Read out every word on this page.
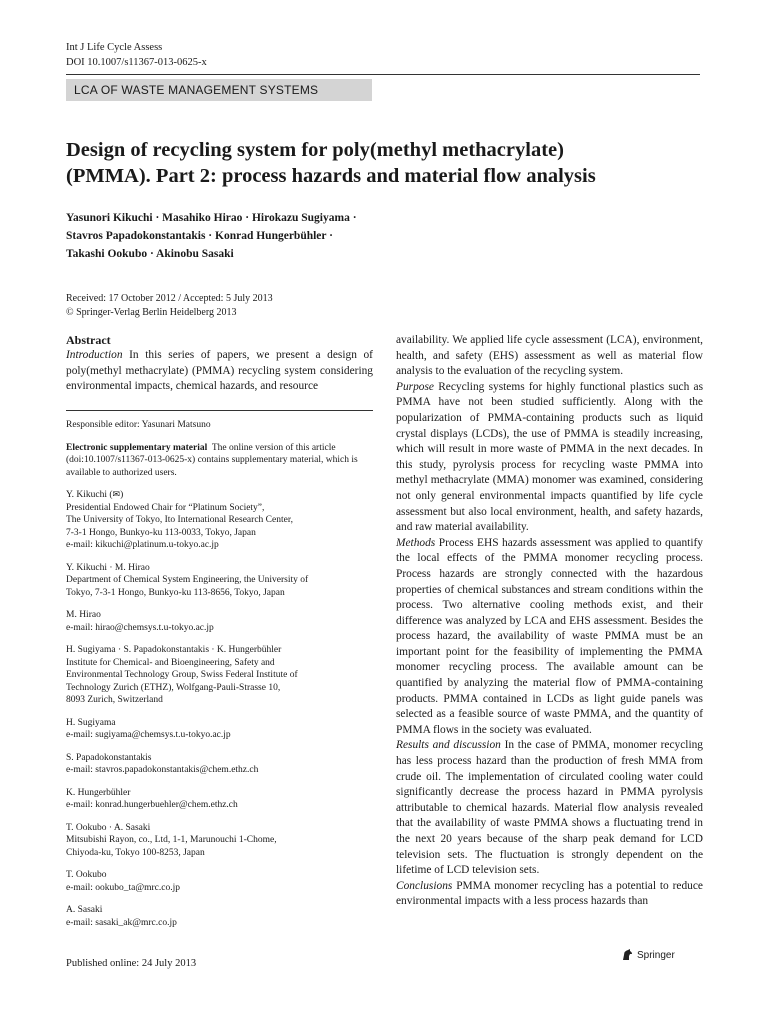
Int J Life Cycle Assess
DOI 10.1007/s11367-013-0625-x
LCA OF WASTE MANAGEMENT SYSTEMS
Design of recycling system for poly(methyl methacrylate)
(PMMA). Part 2: process hazards and material flow analysis
Yasunori Kikuchi · Masahiko Hirao · Hirokazu Sugiyama ·
Stavros Papadokonstantakis · Konrad Hungerbühler ·
Takashi Ookubo · Akinobu Sasaki
Received: 17 October 2012 / Accepted: 5 July 2013
© Springer-Verlag Berlin Heidelberg 2013
Abstract

Introduction In this series of papers, we present a design of poly(methyl methacrylate) (PMMA) recycling system considering environmental impacts, chemical hazards, and resource

Responsible editor: Yasunari Matsuno
Electronic supplementary material The online version of this article (doi:10.1007/s11367-013-0625-x) contains supplementary material, which is available to authorized users.
Y. Kikuchi (✉)
Presidential Endowed Chair for “Platinum Society”,
The University of Tokyo, Ito International Research Center,
7-3-1 Hongo, Bunkyo-ku 113-0033, Tokyo, Japan
e-mail: kikuchi@platinum.u-tokyo.ac.jp
Y. Kikuchi · M. Hirao
Department of Chemical System Engineering, the University of
Tokyo, 7-3-1 Hongo, Bunkyo-ku 113-8656, Tokyo, Japan
M. Hirao
e-mail: hirao@chemsys.t.u-tokyo.ac.jp
H. Sugiyama · S. Papadokonstantakis · K. Hungerbühler
Institute for Chemical- and Bioengineering, Safety and
Environmental Technology Group, Swiss Federal Institute of
Technology Zurich (ETHZ), Wolfgang-Pauli-Strasse 10,
8093 Zurich, Switzerland
H. Sugiyama
e-mail: sugiyama@chemsys.t.u-tokyo.ac.jp
S. Papadokonstantakis
e-mail: stavros.papadokonstantakis@chem.ethz.ch
K. Hungerbühler
e-mail: konrad.hungerbuehler@chem.ethz.ch
T. Ookubo · A. Sasaki
Mitsubishi Rayon, co., Ltd, 1-1, Marunouchi 1-Chome,
Chiyoda-ku, Tokyo 100-8253, Japan
T. Ookubo
e-mail: ookubo_ta@mrc.co.jp
A. Sasaki
e-mail: sasaki_ak@mrc.co.jp

availability. We applied life cycle assessment (LCA), environment, health, and safety (EHS) assessment as well as material flow analysis to the evaluation of the recycling system.

Purpose Recycling systems for highly functional plastics such as PMMA have not been studied sufficiently. Along with the popularization of PMMA-containing products such as liquid crystal displays (LCDs), the use of PMMA is steadily increasing, which will result in more waste of PMMA in the next decades. In this study, pyrolysis process for recycling waste PMMA into methyl methacrylate (MMA) monomer was examined, considering not only general environmental impacts quantified by life cycle assessment but also local environment, health, and safety hazards, and raw material availability.

Methods Process EHS hazards assessment was applied to quantify the local effects of the PMMA monomer recycling process. Process hazards are strongly connected with the hazardous properties of chemical substances and stream conditions within the process. Two alternative cooling methods exist, and their difference was analyzed by LCA and EHS assessment. Besides the process hazard, the availability of waste PMMA must be an important point for the feasibility of implementing the PMMA monomer recycling process. The available amount can be quantified by analyzing the material flow of PMMA-containing products. PMMA contained in LCDs as light guide panels was selected as a feasible source of waste PMMA, and the quantity of PMMA flows in the society was evaluated.

Results and discussion In the case of PMMA, monomer recycling has less process hazard than the production of fresh MMA from crude oil. The implementation of circulated cooling water could significantly decrease the process hazard in PMMA pyrolysis attributable to chemical hazards. Material flow analysis revealed that the availability of waste PMMA shows a fluctuating trend in the next 20 years because of the sharp peak demand for LCD television sets. The fluctuation is strongly dependent on the lifetime of LCD television sets.

Conclusions PMMA monomer recycling has a potential to reduce environmental impacts with a less process hazards than

Published online: 24 July 2013
Springer
